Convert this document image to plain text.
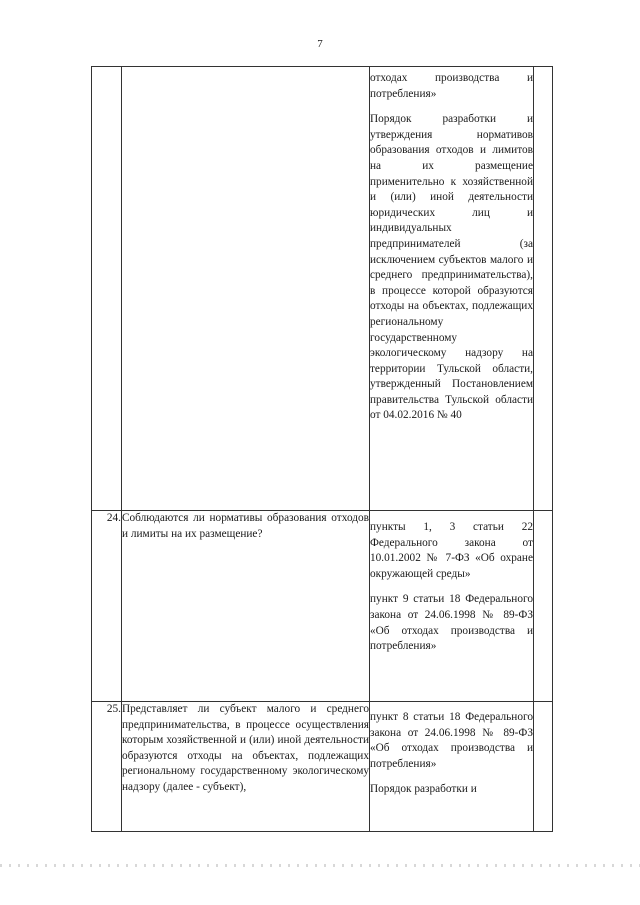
7

		отходах производства и потребления»
Порядок разработки и утверждения нормативов образования отходов и лимитов на их размещение применительно к хозяйственной и (или) иной деятельности юридических лиц и индивидуальных предпринимателей (за исключением субъектов малого и среднего предпринимательства), в процессе которой образуются отходы на объектах, подлежащих региональному государственному экологическому надзору на территории Тульской области, утвержденный Постановлением правительства Тульской области от 04.02.2016 № 40	

24.	Соблюдаются ли нормативы образования отходов и лимиты на их размещение?	пункты 1, 3 статьи 22 Федерального закона от 10.01.2002 № 7-ФЗ «Об охране окружающей среды»
пункт 9 статьи 18 Федерального закона от 24.06.1998 № 89-ФЗ «Об отходах производства и потребления»	

25.	Представляет ли субъект малого и среднего предпринимательства, в процессе осуществления которым хозяйственной и (или) иной деятельности образуются отходы на объектах, подлежащих региональному государственному экологическому надзору (далее - субъект),	пункт 8 статьи 18 Федерального закона от 24.06.1998 № 89-ФЗ «Об отходах производства и потребления»
Порядок разработки и	
